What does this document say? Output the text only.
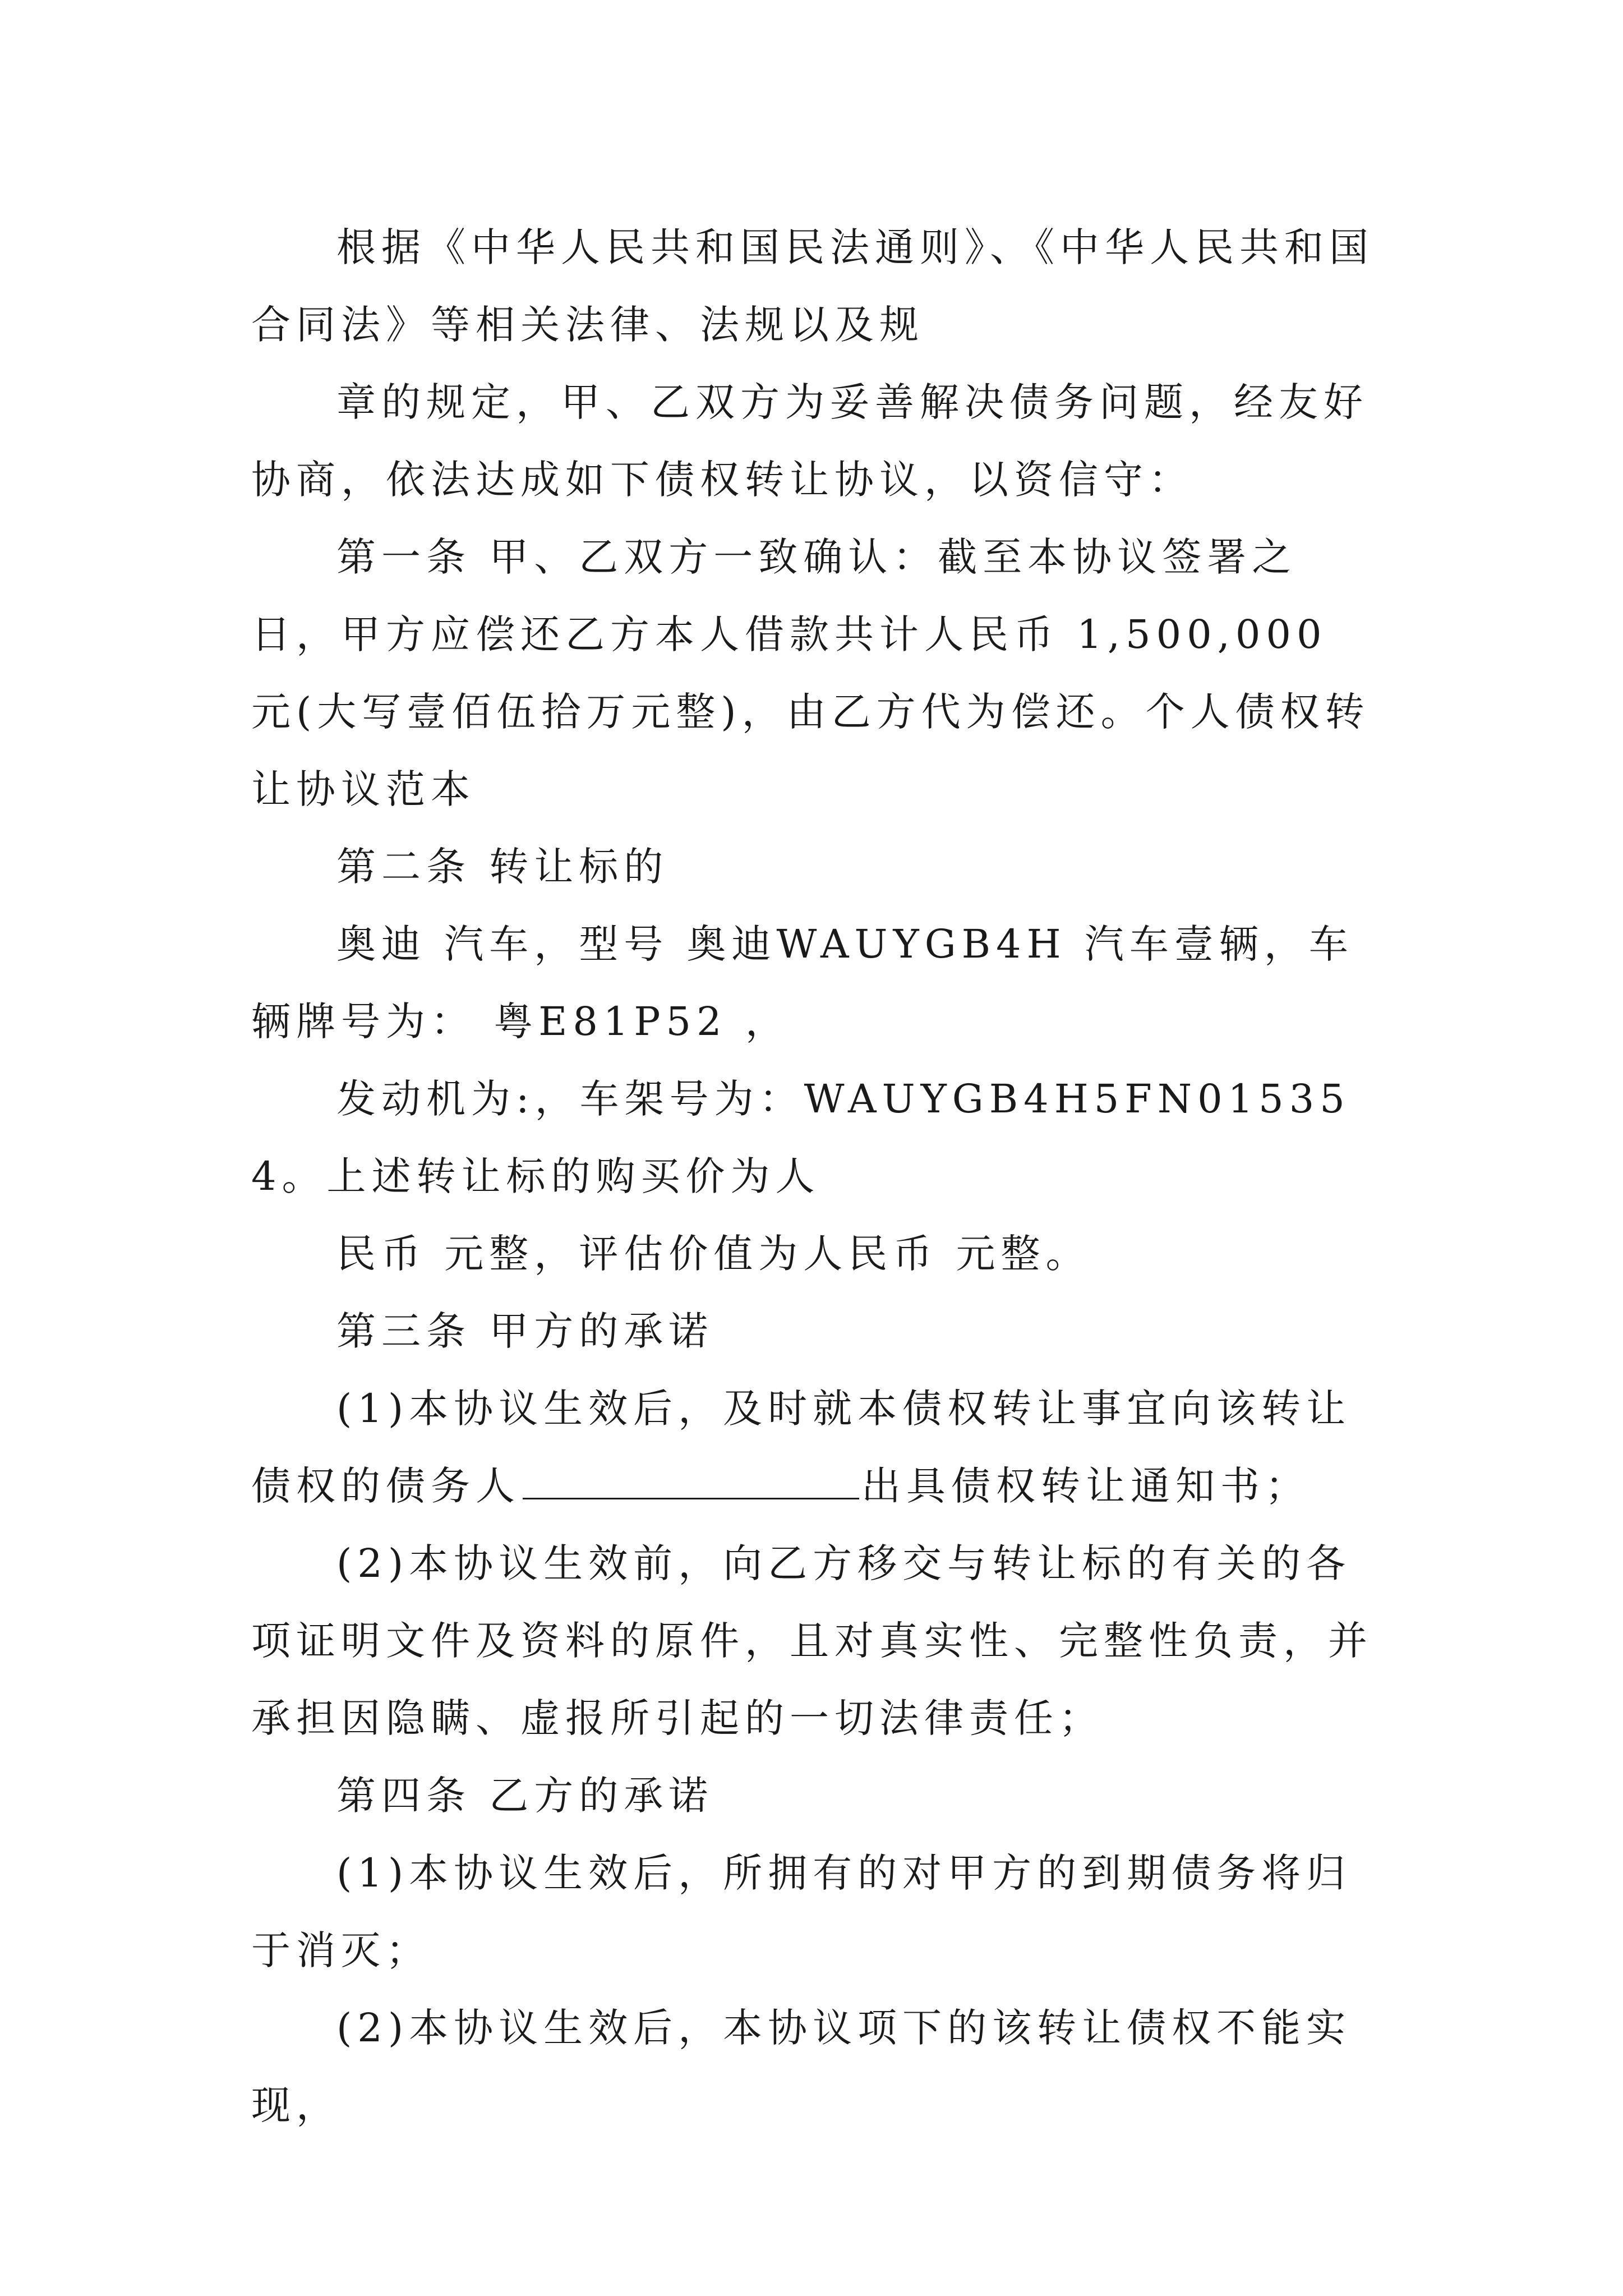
根据《中华人民共和国民法通则》、《中华人民共和国合同法》等相关法律、法规以及规

章的规定，甲、乙双方为妥善解决债务问题，经友好协商，依法达成如下债权转让协议，以资信守：

第一条 甲、乙双方一致确认：截至本协议签署之日，甲方应偿还乙方本人借款共计人民币 1,500,000 元(大写壹佰伍拾万元整)，由乙方代为偿还。个人债权转让协议范本

第二条 转让标的

奥迪 汽车，型号 奥迪WAUYGB4H 汽车壹辆，车辆牌号为： 粤E81P52 ，

发动机为:，车架号为：WAUYGB4H5FN015354。上述转让标的购买价为人

民币 元整，评估价值为人民币 元整。

第三条 甲方的承诺

(1)本协议生效后，及时就本债权转让事宜向该转让债权的债务人	出具债权转让通知书；

(2)本协议生效前，向乙方移交与转让标的有关的各项证明文件及资料的原件，且对真实性、完整性负责，并承担因隐瞒、虚报所引起的一切法律责任；

第四条 乙方的承诺

(1)本协议生效后，所拥有的对甲方的到期债务将归于消灭；

(2)本协议生效后，本协议项下的该转让债权不能实现，
